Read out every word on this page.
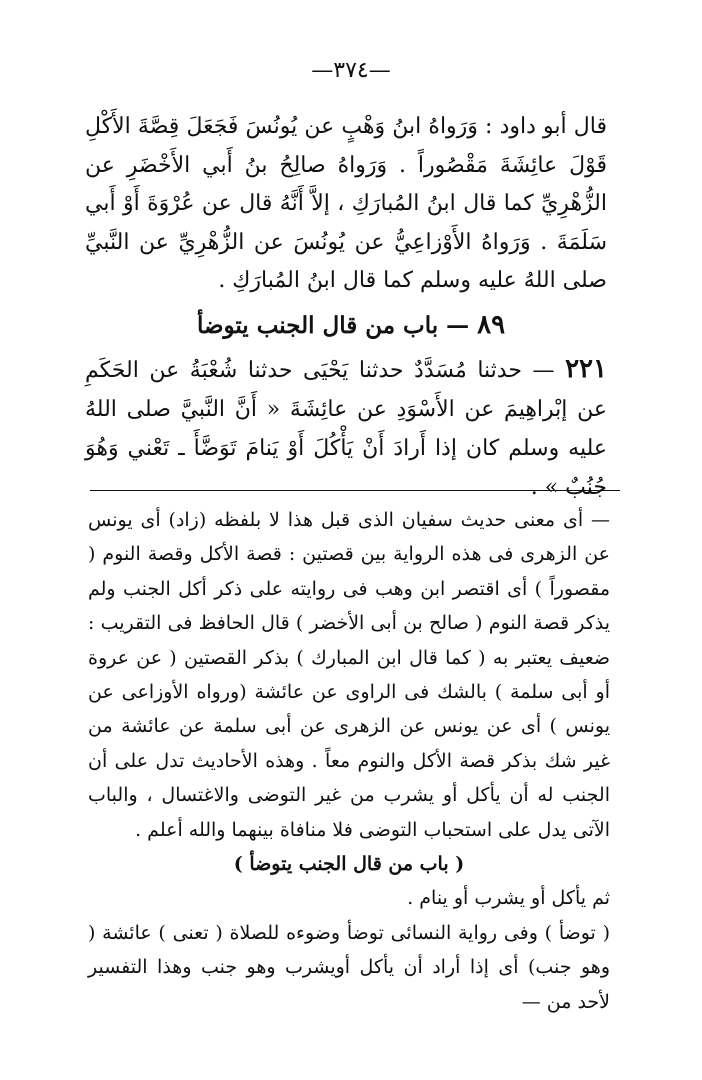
—٣٧٤—

قال أبو داود : وَرَواهُ ابنُ وَهْبٍ عن يُونُسَ فَجَعَلَ قِصَّةَ الأَكْلِ قَوْلَ عائِشَةَ مَقْصُوراً . وَرَواهُ صالِحُ بنُ أَبي الأَخْضَرِ عن الزُّهْرِيِّ كما قال ابنُ المُبارَكِ ، إلاَّ أَنَّهُ قال عن عُرْوَةَ أَوْ أَبي سَلَمَةَ . وَرَواهُ الأَوْزاعِيُّ عن يُونُسَ عن الزُّهْرِيِّ عن النَّبيِّ صلى اللهُ عليه وسلم كما قال ابنُ المُبارَكِ .

٨٩ — باب من قال الجنب يتوضأ

٢٢١ — حدثنا مُسَدَّدٌ حدثنا يَحْيَى حدثنا شُعْبَةُ عن الحَكَمِ عن إبْراهِيمَ عن الأَسْوَدِ عن عائِشَةَ « أَنَّ النَّبيَّ صلى اللهُ عليه وسلم كان إذا أَرادَ أَنْ يَأْكُلَ أَوْ يَنامَ تَوَضَّأَ ـ تَعْني وَهُوَ جُنُبٌ » .

— أى معنى حديث سفيان الذى قبل هذا لا بلفظه (زاد) أى يونس عن الزهرى فى هذه الرواية بين قصتين : قصة الأكل وقصة النوم ( مقصوراً ) أى اقتصر ابن وهب فى روايته على ذكر أكل الجنب ولم يذكر قصة النوم ( صالح بن أبى الأخضر ) قال الحافظ فى التقريب : ضعيف يعتبر به ( كما قال ابن المبارك ) بذكر القصتين ( عن عروة أو أبى سلمة ) بالشك فى الراوى عن عائشة (ورواه الأوزاعى عن يونس ) أى عن يونس عن الزهرى عن أبى سلمة عن عائشة من غير شك بذكر قصة الأكل والنوم معاً . وهذه الأحاديث تدل على أن الجنب له أن يأكل أو يشرب من غير التوضى والاغتسال ، والباب الآتى يدل على استحباب التوضى فلا منافاة بينهما والله أعلم .

( باب من قال الجنب يتوضأ )

ثم يأكل أو يشرب أو ينام .

( توضأ ) وفى رواية النسائى توضأ وضوءه للصلاة ( تعنى ) عائشة ( وهو جنب) أى إذا أراد أن يأكل أويشرب وهو جنب وهذا التفسير لأحد من —
